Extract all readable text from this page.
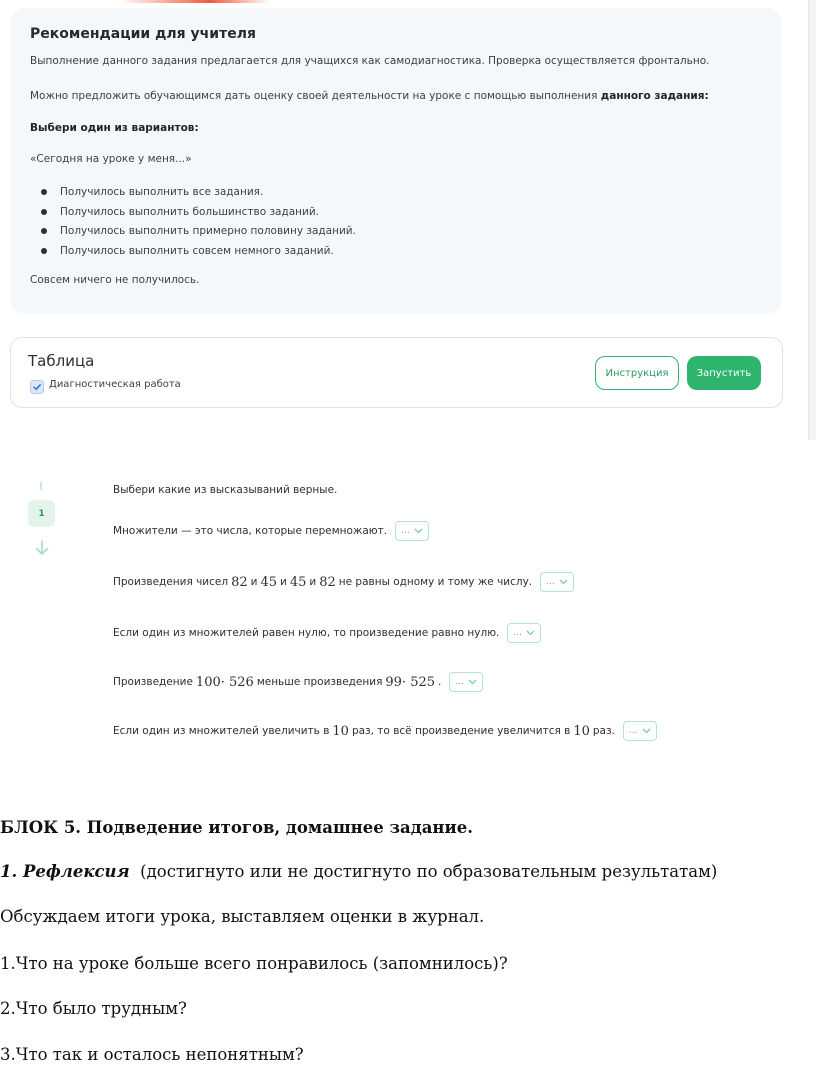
Рекомендации для учителя
Выполнение данного задания предлагается для учащихся как самодиагностика. Проверка осуществляется фронтально.
Можно предложить обучающимся дать оценку своей деятельности на уроке с помощью выполнения данного задания:
Выбери один из вариантов:
«Сегодня на уроке у меня...»
Получилось выполнить все задания.
Получилось выполнить большинство заданий.
Получилось выполнить примерно половину заданий.
Получилось выполнить совсем немного заданий.
Совсем ничего не получилось.
Таблица
Диагностическая работа
Инструкция	Запустить
1
Выбери какие из высказываний верные.
Множители — это числа, которые перемножают. ...
Произведения чисел 82 и 45 и 45 и 82 не равны одному и тому же числу. ...
Если один из множителей равен нулю, то произведение равно нулю. ...
Произведение 100· 526 меньше произведения 99· 525 . ...
Если один из множителей увеличить в 10 раз, то всё произведение увеличится в 10 раз. ...
БЛОК 5. Подведение итогов, домашнее задание.
1. Рефлексия (достигнуто или не достигнуто по образовательным результатам)
Обсуждаем итоги урока, выставляем оценки в журнал.
1.Что на уроке больше всего понравилось (запомнилось)?
2.Что было трудным?
3.Что так и осталось непонятным?
